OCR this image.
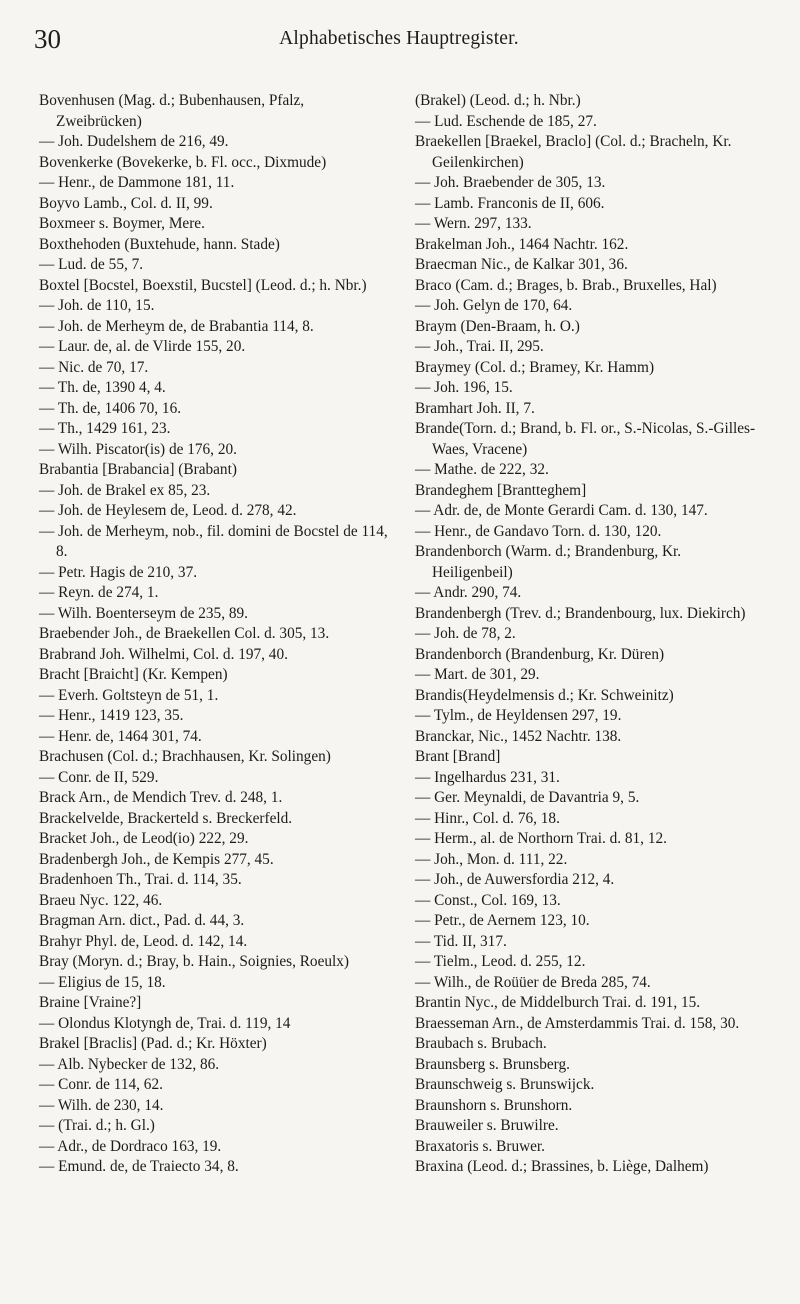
30	Alphabetisches Hauptregister.
Bovenhusen (Mag. d.; Bubenhausen, Pfalz, Zweibrücken)
— Joh. Dudelshem de 216, 49.
Bovenkerke (Bovekerke, b. Fl. occ., Dixmude)
— Henr., de Dammone 181, 11.
Boyvo Lamb., Col. d. II, 99.
Boxmeer s. Boymer, Mere.
Boxthehoden (Buxtehude, hann. Stade)
— Lud. de 55, 7.
Boxtel [Bocstel, Boexstil, Bucstel] (Leod. d.; h. Nbr.)
— Joh. de 110, 15.
— Joh. de Merheym de, de Brabantia 114, 8.
— Laur. de, al. de Vlirde 155, 20.
— Nic. de 70, 17.
— Th. de, 1390 4, 4.
— Th. de, 1406 70, 16.
— Th., 1429 161, 23.
— Wilh. Piscator(is) de 176, 20.
Brabantia [Brabancia] (Brabant)
— Joh. de Brakel ex 85, 23.
— Joh. de Heylesem de, Leod. d. 278, 42.
— Joh. de Merheym, nob., fil. domini de Bocstel de 114, 8.
— Petr. Hagis de 210, 37.
— Reyn. de 274, 1.
— Wilh. Boenterseym de 235, 89.
Braebender Joh., de Braekellen Col. d. 305, 13.
Brabrand Joh. Wilhelmi, Col. d. 197, 40.
Bracht [Braicht] (Kr. Kempen)
— Everh. Goltsteyn de 51, 1.
— Henr., 1419 123, 35.
— Henr. de, 1464 301, 74.
Brachusen (Col. d.; Brachhausen, Kr. Solingen)
— Conr. de II, 529.
Brack Arn., de Mendich Trev. d. 248, 1.
Brackelvelde, Brackerteld s. Breckerfeld.
Bracket Joh., de Leod(io) 222, 29.
Bradenbergh Joh., de Kempis 277, 45.
Bradenhoen Th., Trai. d. 114, 35.
Braeu Nyc. 122, 46.
Bragman Arn. dict., Pad. d. 44, 3.
Brahyr Phyl. de, Leod. d. 142, 14.
Bray (Moryn. d.; Bray, b. Hain., Soignies, Roeulx)
— Eligius de 15, 18.
Braine [Vraine?]
— Olondus Klotyngh de, Trai. d. 119, 14
Brakel [Braclis] (Pad. d.; Kr. Höxter)
— Alb. Nybecker de 132, 86.
— Conr. de 114, 62.
— Wilh. de 230, 14.
— (Trai. d.; h. Gl.)
— Adr., de Dordraco 163, 19.
— Emund. de, de Traiecto 34, 8.
(Brakel) (Leod. d.; h. Nbr.)
— Lud. Eschende de 185, 27.
Braekellen [Braekel, Braclo] (Col. d.; Bracheln, Kr. Geilenkirchen)
— Joh. Braebender de 305, 13.
— Lamb. Franconis de II, 606.
— Wern. 297, 133.
Brakelman Joh., 1464 Nachtr. 162.
Braecman Nic., de Kalkar 301, 36.
Braco (Cam. d.; Brages, b. Brab., Bruxelles, Hal)
— Joh. Gelyn de 170, 64.
Braym (Den-Braam, h. O.)
— Joh., Trai. II, 295.
Braymey (Col. d.; Bramey, Kr. Hamm)
— Joh. 196, 15.
Bramhart Joh. II, 7.
Brande(Torn. d.; Brand, b. Fl. or., S.-Nicolas, S.-Gilles-Waes, Vracene)
— Mathe. de 222, 32.
Brandeghem [Brantteghem]
— Adr. de, de Monte Gerardi Cam. d. 130, 147.
— Henr., de Gandavo Torn. d. 130, 120.
Brandenborch (Warm. d.; Brandenburg, Kr. Heiligenbeil)
— Andr. 290, 74.
Brandenbergh (Trev. d.; Brandenbourg, lux. Diekirch)
— Joh. de 78, 2.
Brandenborch (Brandenburg, Kr. Düren)
— Mart. de 301, 29.
Brandis(Heydelmensis d.; Kr. Schweinitz)
— Tylm., de Heyldensen 297, 19.
Branckar, Nic., 1452 Nachtr. 138.
Brant [Brand]
— Ingelhardus 231, 31.
— Ger. Meynaldi, de Davantria 9, 5.
— Hinr., Col. d. 76, 18.
— Herm., al. de Northorn Trai. d. 81, 12.
— Joh., Mon. d. 111, 22.
— Joh., de Auwersfordia 212, 4.
— Const., Col. 169, 13.
— Petr., de Aernem 123, 10.
— Tid. II, 317.
— Tielm., Leod. d. 255, 12.
— Wilh., de Roüüer de Breda 285, 74.
Brantin Nyc., de Middelburch Trai. d. 191, 15.
Braesseman Arn., de Amsterdammis Trai. d. 158, 30.
Braubach s. Brubach.
Braunsberg s. Brunsberg.
Braunschweig s. Brunswijck.
Braunshorn s. Brunshorn.
Brauweiler s. Bruwilre.
Braxatoris s. Bruwer.
Braxina (Leod. d.; Brassines, b. Liège, Dalhem)
